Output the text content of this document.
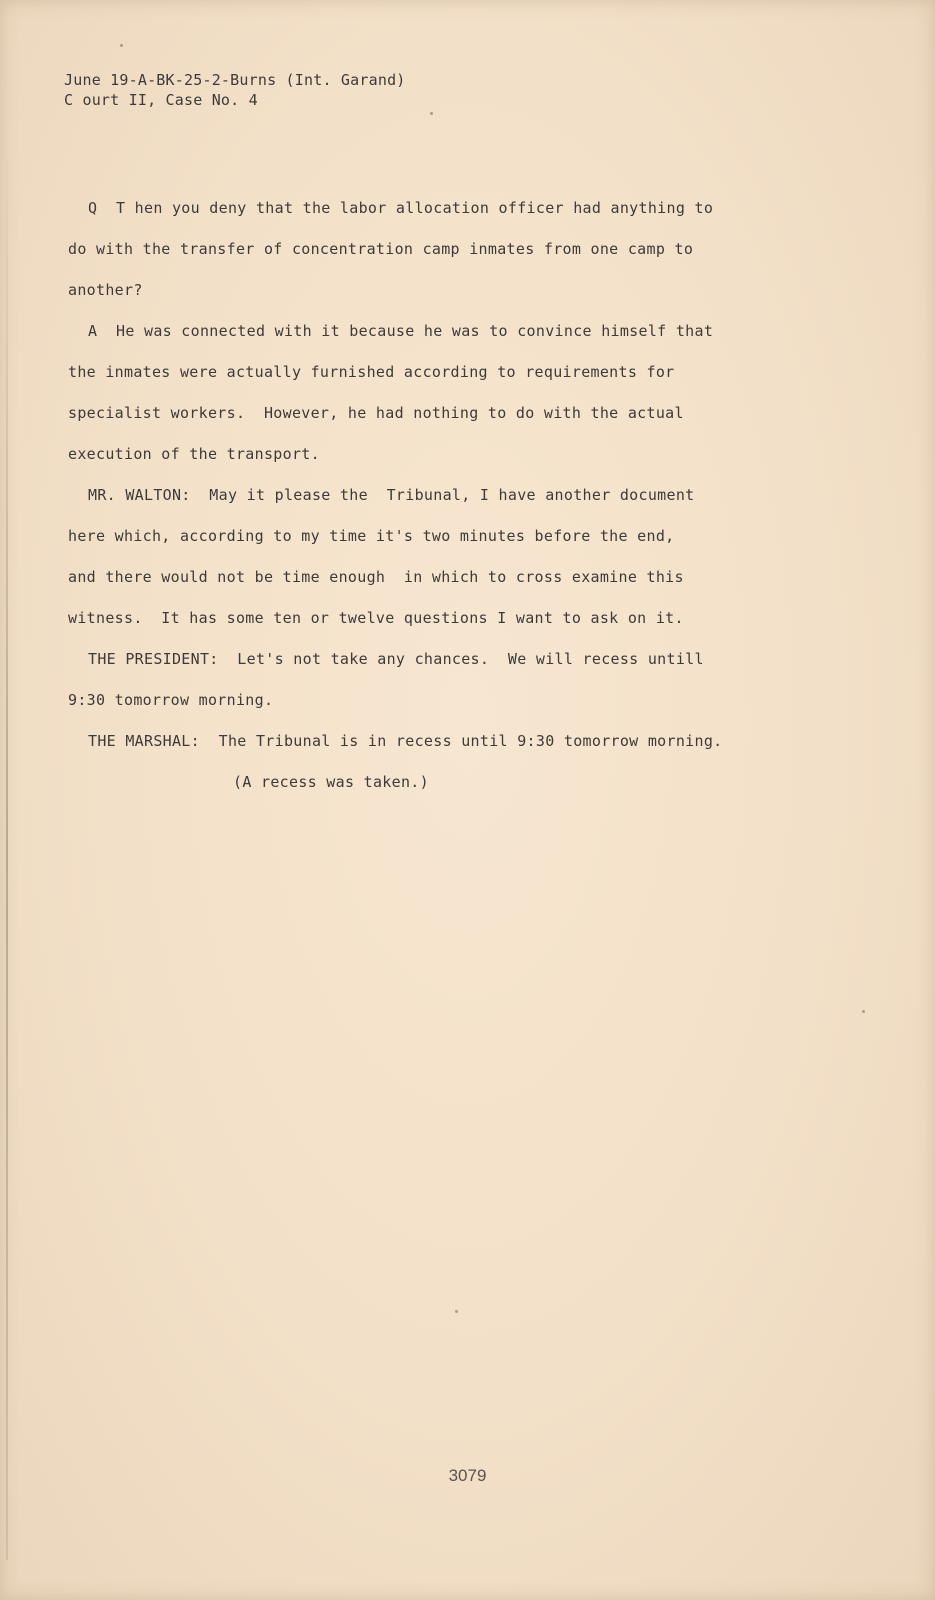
June 19-A-BK-25-2-Burns (Int. Garand)
C ourt II, Case No. 4
Q  T hen you deny that the labor allocation officer had anything to
do with the transfer of concentration camp inmates from one camp to
another?
A  He was connected with it because he was to convince himself that
the inmates were actually furnished according to requirements for
specialist workers.  However, he had nothing to do with the actual
execution of the transport.
MR. WALTON:  May it please the  Tribunal, I have another document
here which, according to my time it's two minutes before the end,
and there would not be time enough  in which to cross examine this
witness.  It has some ten or twelve questions I want to ask on it.
THE PRESIDENT:  Let's not take any chances.  We will recess untill
9:30 tomorrow morning.
THE MARSHAL:  The Tribunal is in recess until 9:30 tomorrow morning.
(A recess was taken.)
3079
